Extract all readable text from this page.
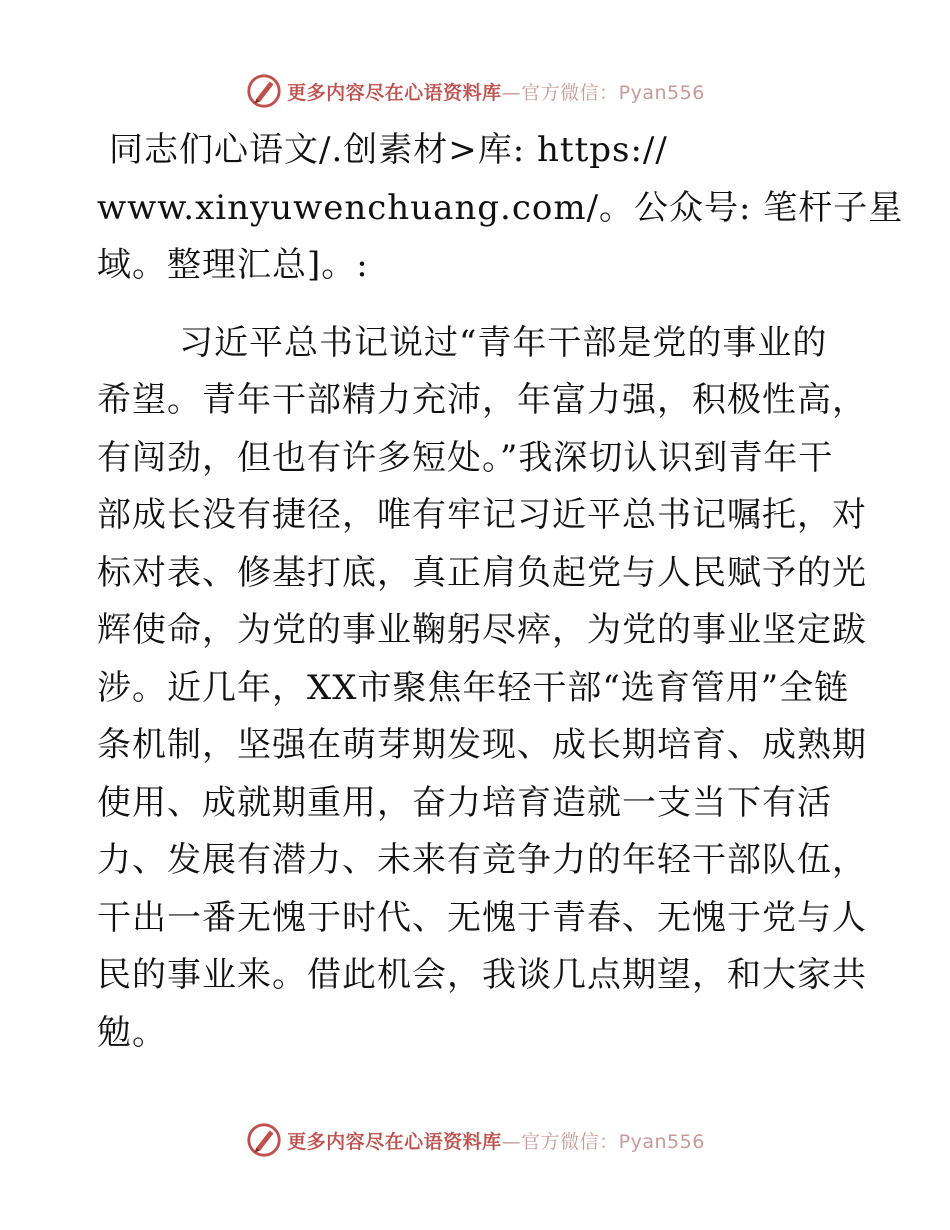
更多内容尽在心语资料库—官方微信：Pyan556
同志们心语文/.创素材>库: https://
www.xinyuwenchuang.com/。公众号: 笔杆子星
域。整理汇总]。:
习近平总书记说过“青年干部是党的事业的
希望。青年干部精力充沛，年富力强，积极性高，
有闯劲，但也有许多短处。”我深切认识到青年干
部成长没有捷径，唯有牢记习近平总书记嘱托，对
标对表、修基打底，真正肩负起党与人民赋予的光
辉使命，为党的事业鞠躬尽瘁，为党的事业坚定跋
涉。近几年，XX市聚焦年轻干部“选育管用”全链
条机制，坚强在萌芽期发现、成长期培育、成熟期
使用、成就期重用，奋力培育造就一支当下有活
力、发展有潜力、未来有竞争力的年轻干部队伍，
干出一番无愧于时代、无愧于青春、无愧于党与人
民的事业来。借此机会，我谈几点期望，和大家共
勉。
更多内容尽在心语资料库—官方微信：Pyan556
